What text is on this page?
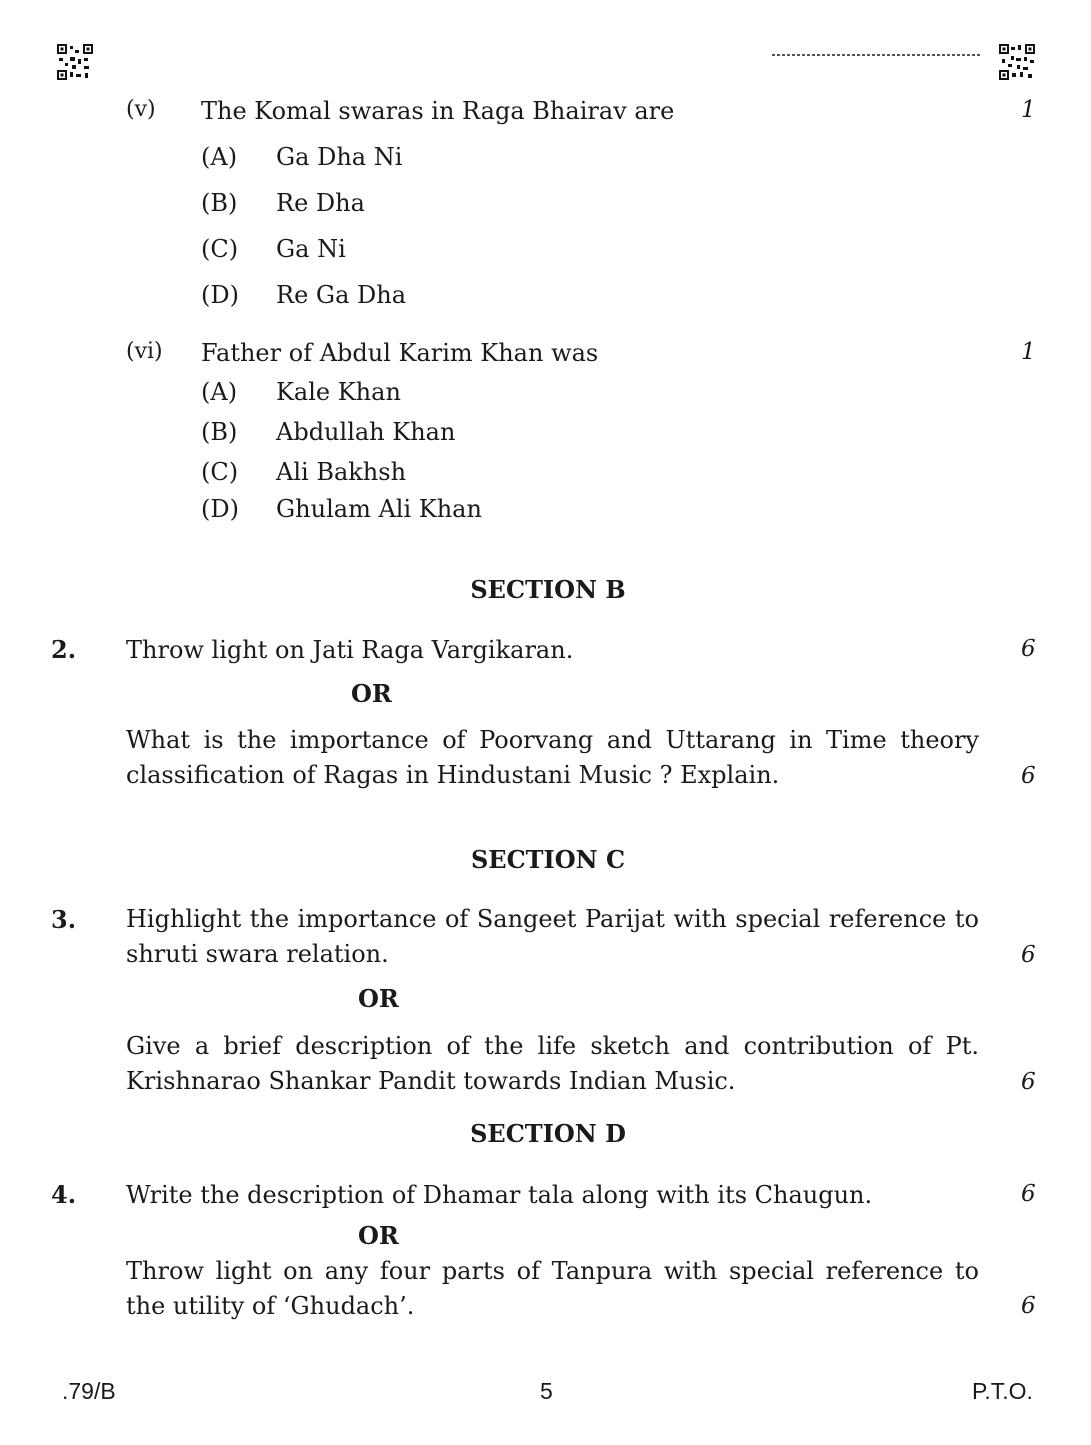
(v) The Komal swaras in Raga Bhairav are	1
(A) Ga Dha Ni
(B) Re Dha
(C) Ga Ni
(D) Re Ga Dha
(vi) Father of Abdul Karim Khan was	1
(A) Kale Khan
(B) Abdullah Khan
(C) Ali Bakhsh
(D) Ghulam Ali Khan
SECTION B
2. Throw light on Jati Raga Vargikaran.	6
OR
What is the importance of Poorvang and Uttarang in Time theory classification of Ragas in Hindustani Music ? Explain.	6
SECTION C
3. Highlight the importance of Sangeet Parijat with special reference to shruti swara relation.	6
OR
Give a brief description of the life sketch and contribution of Pt. Krishnarao Shankar Pandit towards Indian Music.	6
SECTION D
4. Write the description of Dhamar tala along with its Chaugun.	6
OR
Throw light on any four parts of Tanpura with special reference to the utility of ‘Ghudach’.	6
.79/B	5	P.T.O.
